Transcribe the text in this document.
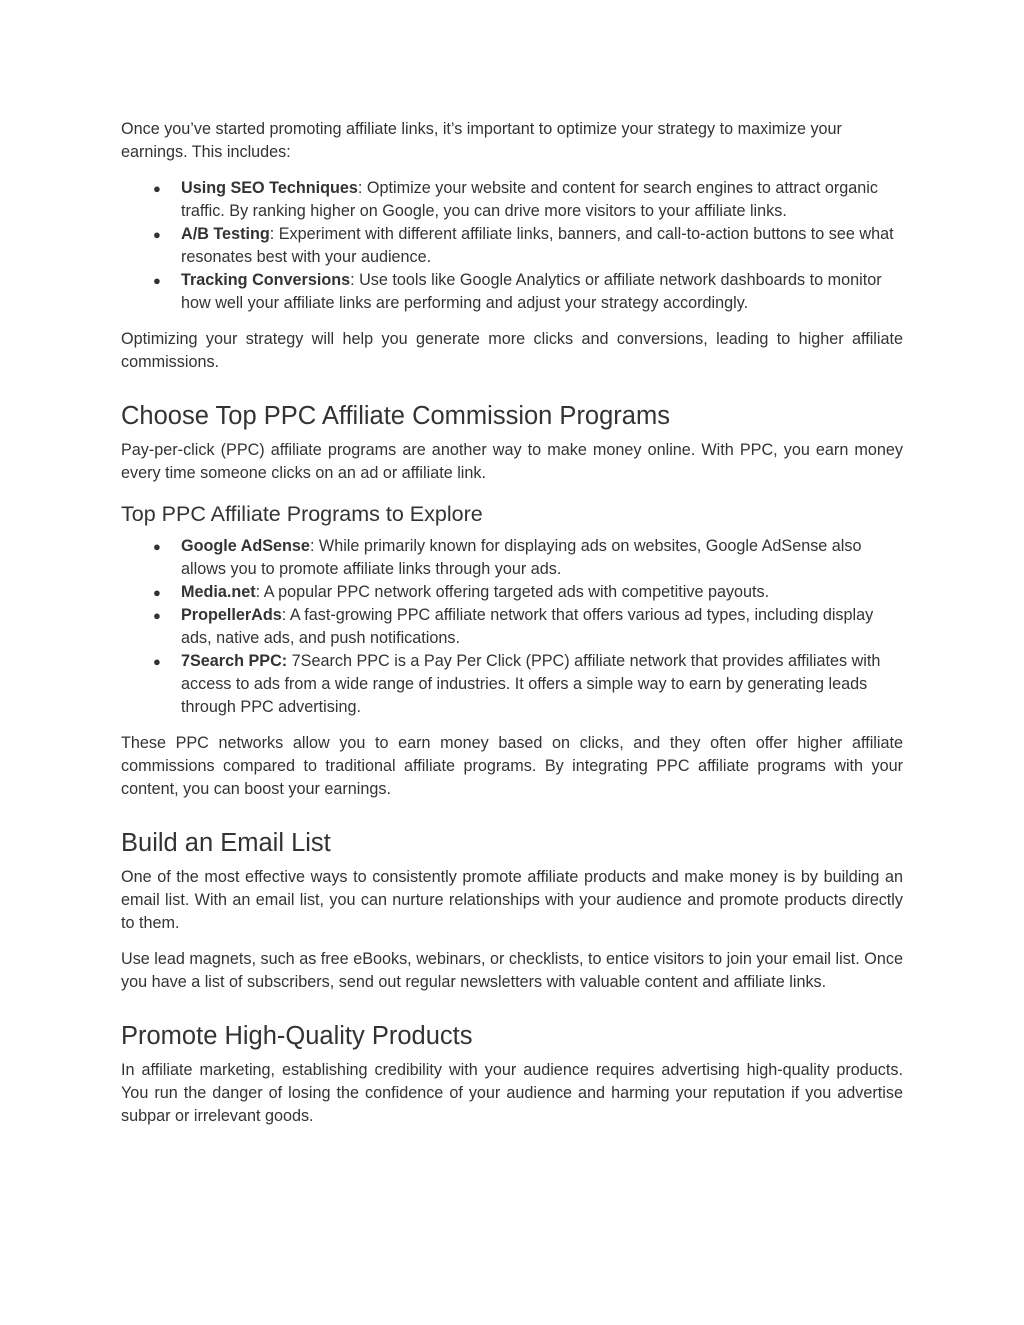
Once you’ve started promoting affiliate links, it’s important to optimize your strategy to maximize your earnings. This includes:

● Using SEO Techniques: Optimize your website and content for search engines to attract organic traffic. By ranking higher on Google, you can drive more visitors to your affiliate links.
● A/B Testing: Experiment with different affiliate links, banners, and call-to-action buttons to see what resonates best with your audience.
● Tracking Conversions: Use tools like Google Analytics or affiliate network dashboards to monitor how well your affiliate links are performing and adjust your strategy accordingly.

Optimizing your strategy will help you generate more clicks and conversions, leading to higher affiliate commissions.

Choose Top PPC Affiliate Commission Programs

Pay-per-click (PPC) affiliate programs are another way to make money online. With PPC, you earn money every time someone clicks on an ad or affiliate link.

Top PPC Affiliate Programs to Explore
● Google AdSense: While primarily known for displaying ads on websites, Google AdSense also allows you to promote affiliate links through your ads.
● Media.net: A popular PPC network offering targeted ads with competitive payouts.
● PropellerAds: A fast-growing PPC affiliate network that offers various ad types, including display ads, native ads, and push notifications.
● 7Search PPC: 7Search PPC is a Pay Per Click (PPC) affiliate network that provides affiliates with access to ads from a wide range of industries. It offers a simple way to earn by generating leads through PPC advertising.

These PPC networks allow you to earn money based on clicks, and they often offer higher affiliate commissions compared to traditional affiliate programs. By integrating PPC affiliate programs with your content, you can boost your earnings.

Build an Email List

One of the most effective ways to consistently promote affiliate products and make money is by building an email list. With an email list, you can nurture relationships with your audience and promote products directly to them.

Use lead magnets, such as free eBooks, webinars, or checklists, to entice visitors to join your email list. Once you have a list of subscribers, send out regular newsletters with valuable content and affiliate links.

Promote High-Quality Products

In affiliate marketing, establishing credibility with your audience requires advertising high-quality products. You run the danger of losing the confidence of your audience and harming your reputation if you advertise subpar or irrelevant goods.
